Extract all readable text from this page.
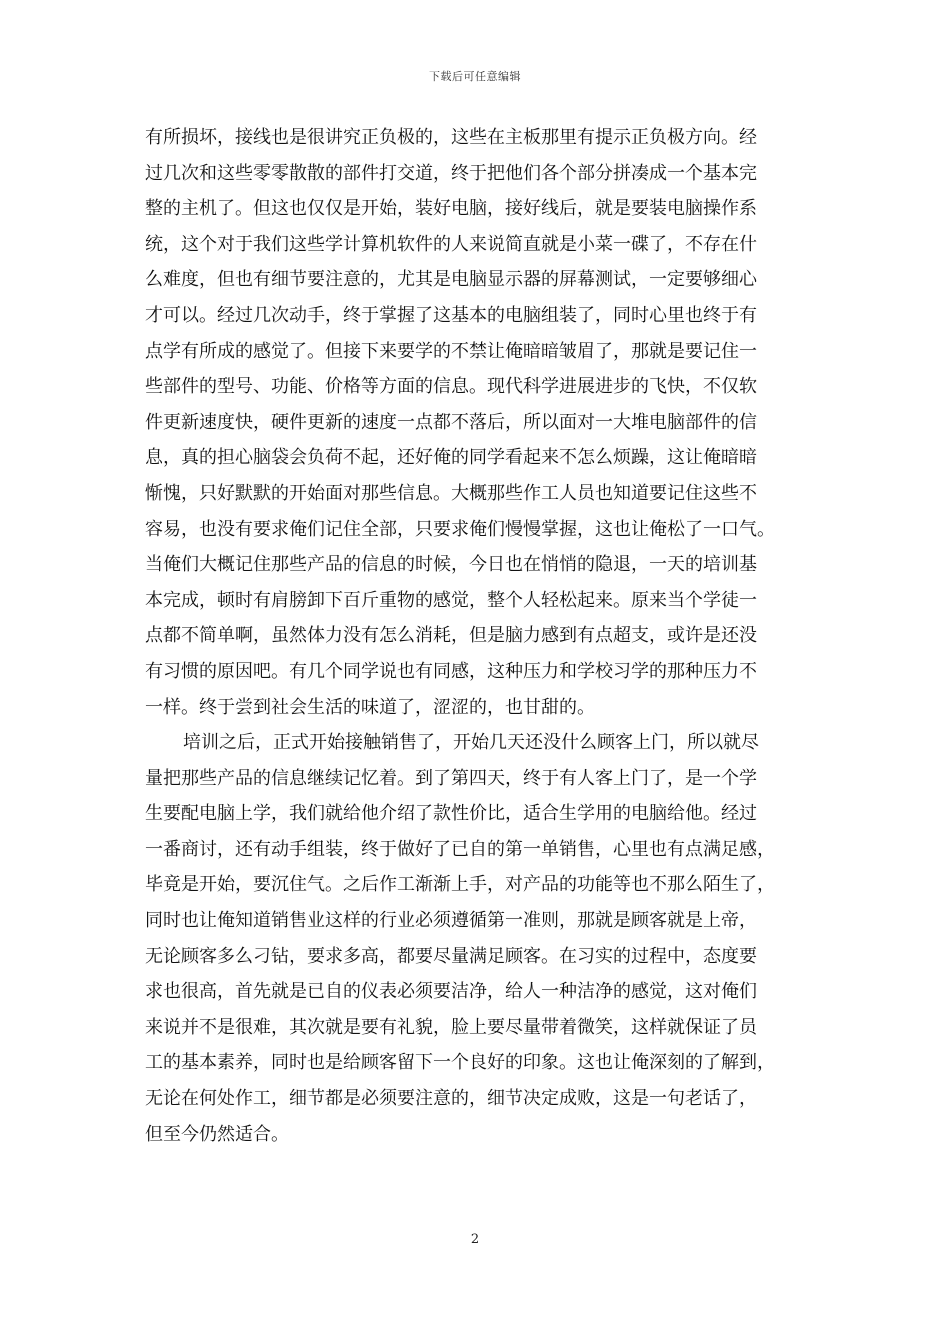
下载后可任意编辑
有所损坏，接线也是很讲究正负极的，这些在主板那里有提示正负极方向。经
过几次和这些零零散散的部件打交道，终于把他们各个部分拼凑成一个基本完
整的主机了。但这也仅仅是开始，装好电脑，接好线后，就是要装电脑操作系
统，这个对于我们这些学计算机软件的人来说简直就是小菜一碟了，不存在什
么难度，但也有细节要注意的，尤其是电脑显示器的屏幕测试，一定要够细心
才可以。经过几次动手，终于掌握了这基本的电脑组装了，同时心里也终于有
点学有所成的感觉了。但接下来要学的不禁让俺暗暗皱眉了，那就是要记住一
些部件的型号、功能、价格等方面的信息。现代科学进展进步的飞快，不仅软
件更新速度快，硬件更新的速度一点都不落后，所以面对一大堆电脑部件的信
息，真的担心脑袋会负荷不起，还好俺的同学看起来不怎么烦躁，这让俺暗暗
惭愧，只好默默的开始面对那些信息。大概那些作工人员也知道要记住这些不
容易，也没有要求俺们记住全部，只要求俺们慢慢掌握，这也让俺松了一口气。
当俺们大概记住那些产品的信息的时候，今日也在悄悄的隐退，一天的培训基
本完成，顿时有肩膀卸下百斤重物的感觉，整个人轻松起来。原来当个学徒一
点都不简单啊，虽然体力没有怎么消耗，但是脑力感到有点超支，或许是还没
有习惯的原因吧。有几个同学说也有同感，这种压力和学校习学的那种压力不
一样。终于尝到社会生活的味道了，涩涩的，也甘甜的。
培训之后，正式开始接触销售了，开始几天还没什么顾客上门，所以就尽
量把那些产品的信息继续记忆着。到了第四天，终于有人客上门了，是一个学
生要配电脑上学，我们就给他介绍了款性价比，适合生学用的电脑给他。经过
一番商讨，还有动手组装，终于做好了已自的第一单销售，心里也有点满足感，
毕竟是开始，要沉住气。之后作工渐渐上手，对产品的功能等也不那么陌生了，
同时也让俺知道销售业这样的行业必须遵循第一准则，那就是顾客就是上帝，
无论顾客多么刁钻，要求多高，都要尽量满足顾客。在习实的过程中，态度要
求也很高，首先就是已自的仪表必须要洁净，给人一种洁净的感觉，这对俺们
来说并不是很难，其次就是要有礼貌，脸上要尽量带着微笑，这样就保证了员
工的基本素养，同时也是给顾客留下一个良好的印象。这也让俺深刻的了解到，
无论在何处作工，细节都是必须要注意的，细节决定成败，这是一句老话了，
但至今仍然适合。
2
